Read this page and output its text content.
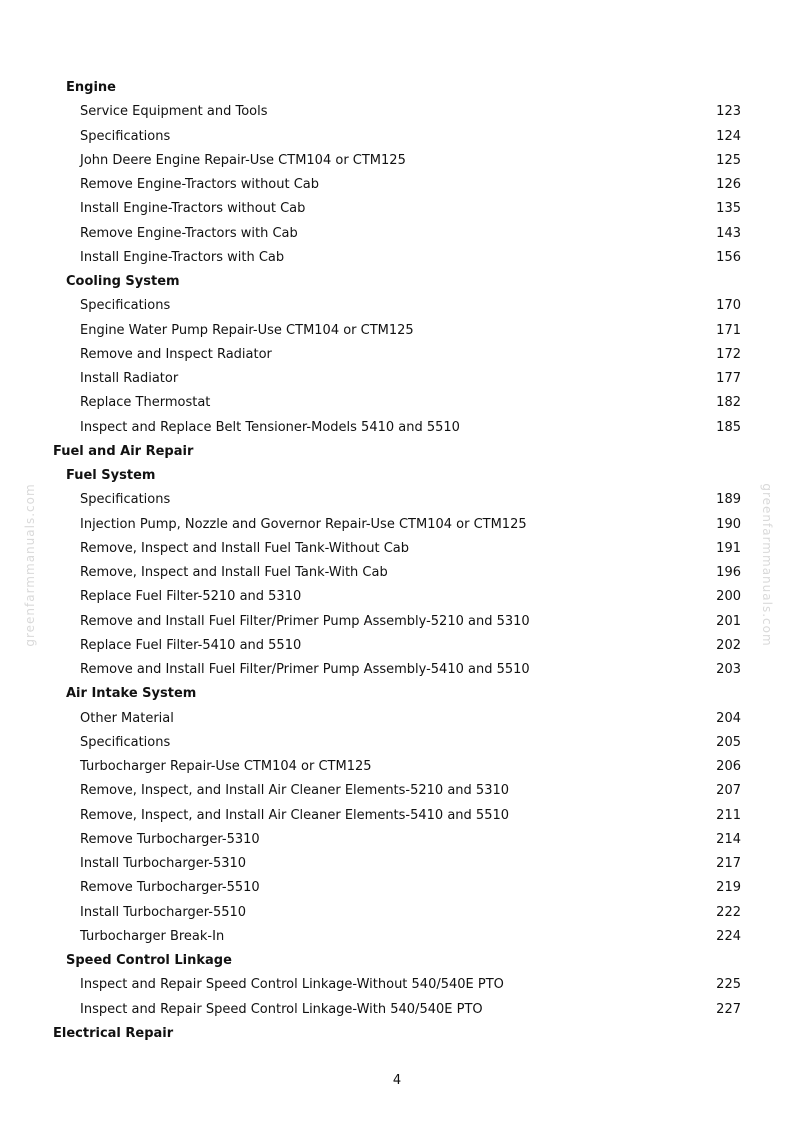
greenfarmmanuals.com	greenfarmmanuals.com
Engine
Service Equipment and Tools	123
Specifications	124
John Deere Engine Repair-Use CTM104 or CTM125	125
Remove Engine-Tractors without Cab	126
Install Engine-Tractors without Cab	135
Remove Engine-Tractors with Cab	143
Install Engine-Tractors with Cab	156
Cooling System
Specifications	170
Engine Water Pump Repair-Use CTM104 or CTM125	171
Remove and Inspect Radiator	172
Install Radiator	177
Replace Thermostat	182
Inspect and Replace Belt Tensioner-Models 5410 and 5510	185
Fuel and Air Repair
Fuel System
Specifications	189
Injection Pump, Nozzle and Governor Repair-Use CTM104 or CTM125	190
Remove, Inspect and Install Fuel Tank-Without Cab	191
Remove, Inspect and Install Fuel Tank-With Cab	196
Replace Fuel Filter-5210 and 5310	200
Remove and Install Fuel Filter/Primer Pump Assembly-5210 and 5310	201
Replace Fuel Filter-5410 and 5510	202
Remove and Install Fuel Filter/Primer Pump Assembly-5410 and 5510	203
Air Intake System
Other Material	204
Specifications	205
Turbocharger Repair-Use CTM104 or CTM125	206
Remove, Inspect, and Install Air Cleaner Elements-5210 and 5310	207
Remove, Inspect, and Install Air Cleaner Elements-5410 and 5510	211
Remove Turbocharger-5310	214
Install Turbocharger-5310	217
Remove Turbocharger-5510	219
Install Turbocharger-5510	222
Turbocharger Break-In	224
Speed Control Linkage
Inspect and Repair Speed Control Linkage-Without 540/540E PTO	225
Inspect and Repair Speed Control Linkage-With 540/540E PTO	227
Electrical Repair
4
